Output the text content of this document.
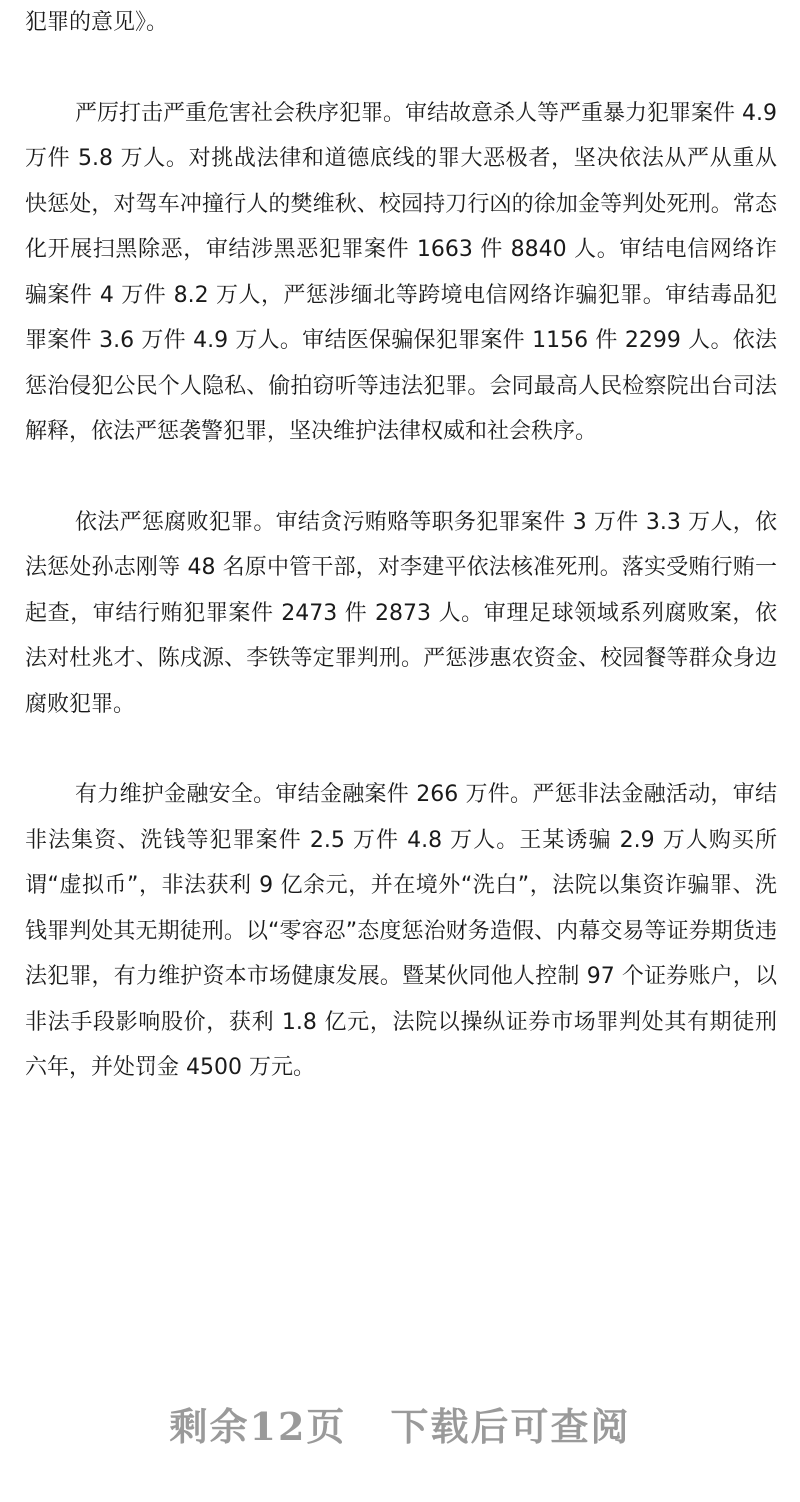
犯罪的意见》。

严厉打击严重危害社会秩序犯罪。审结故意杀人等严重暴力犯罪案件 4.9 万件 5.8 万人。对挑战法律和道德底线的罪大恶极者，坚决依法从严从重从快惩处，对驾车冲撞行人的樊维秋、校园持刀行凶的徐加金等判处死刑。常态化开展扫黑除恶，审结涉黑恶犯罪案件 1663 件 8840 人。审结电信网络诈骗案件 4 万件 8.2 万人，严惩涉缅北等跨境电信网络诈骗犯罪。审结毒品犯罪案件 3.6 万件 4.9 万人。审结医保骗保犯罪案件 1156 件 2299 人。依法惩治侵犯公民个人隐私、偷拍窃听等违法犯罪。会同最高人民检察院出台司法解释，依法严惩袭警犯罪，坚决维护法律权威和社会秩序。

依法严惩腐败犯罪。审结贪污贿赂等职务犯罪案件 3 万件 3.3 万人，依法惩处孙志刚等 48 名原中管干部，对李建平依法核准死刑。落实受贿行贿一起查，审结行贿犯罪案件 2473 件 2873 人。审理足球领域系列腐败案，依法对杜兆才、陈戌源、李铁等定罪判刑。严惩涉惠农资金、校园餐等群众身边腐败犯罪。

有力维护金融安全。审结金融案件 266 万件。严惩非法金融活动，审结非法集资、洗钱等犯罪案件 2.5 万件 4.8 万人。王某诱骗 2.9 万人购买所谓“虚拟币”，非法获利 9 亿余元，并在境外“洗白”，法院以集资诈骗罪、洗钱罪判处其无期徒刑。以“零容忍”态度惩治财务造假、内幕交易等证券期货违法犯罪，有力维护资本市场健康发展。暨某伙同他人控制 97 个证券账户，以非法手段影响股价，获利 1.8 亿元，法院以操纵证券市场罪判处其有期徒刑六年，并处罚金 4500 万元。

剩余12页 下载后可查阅
